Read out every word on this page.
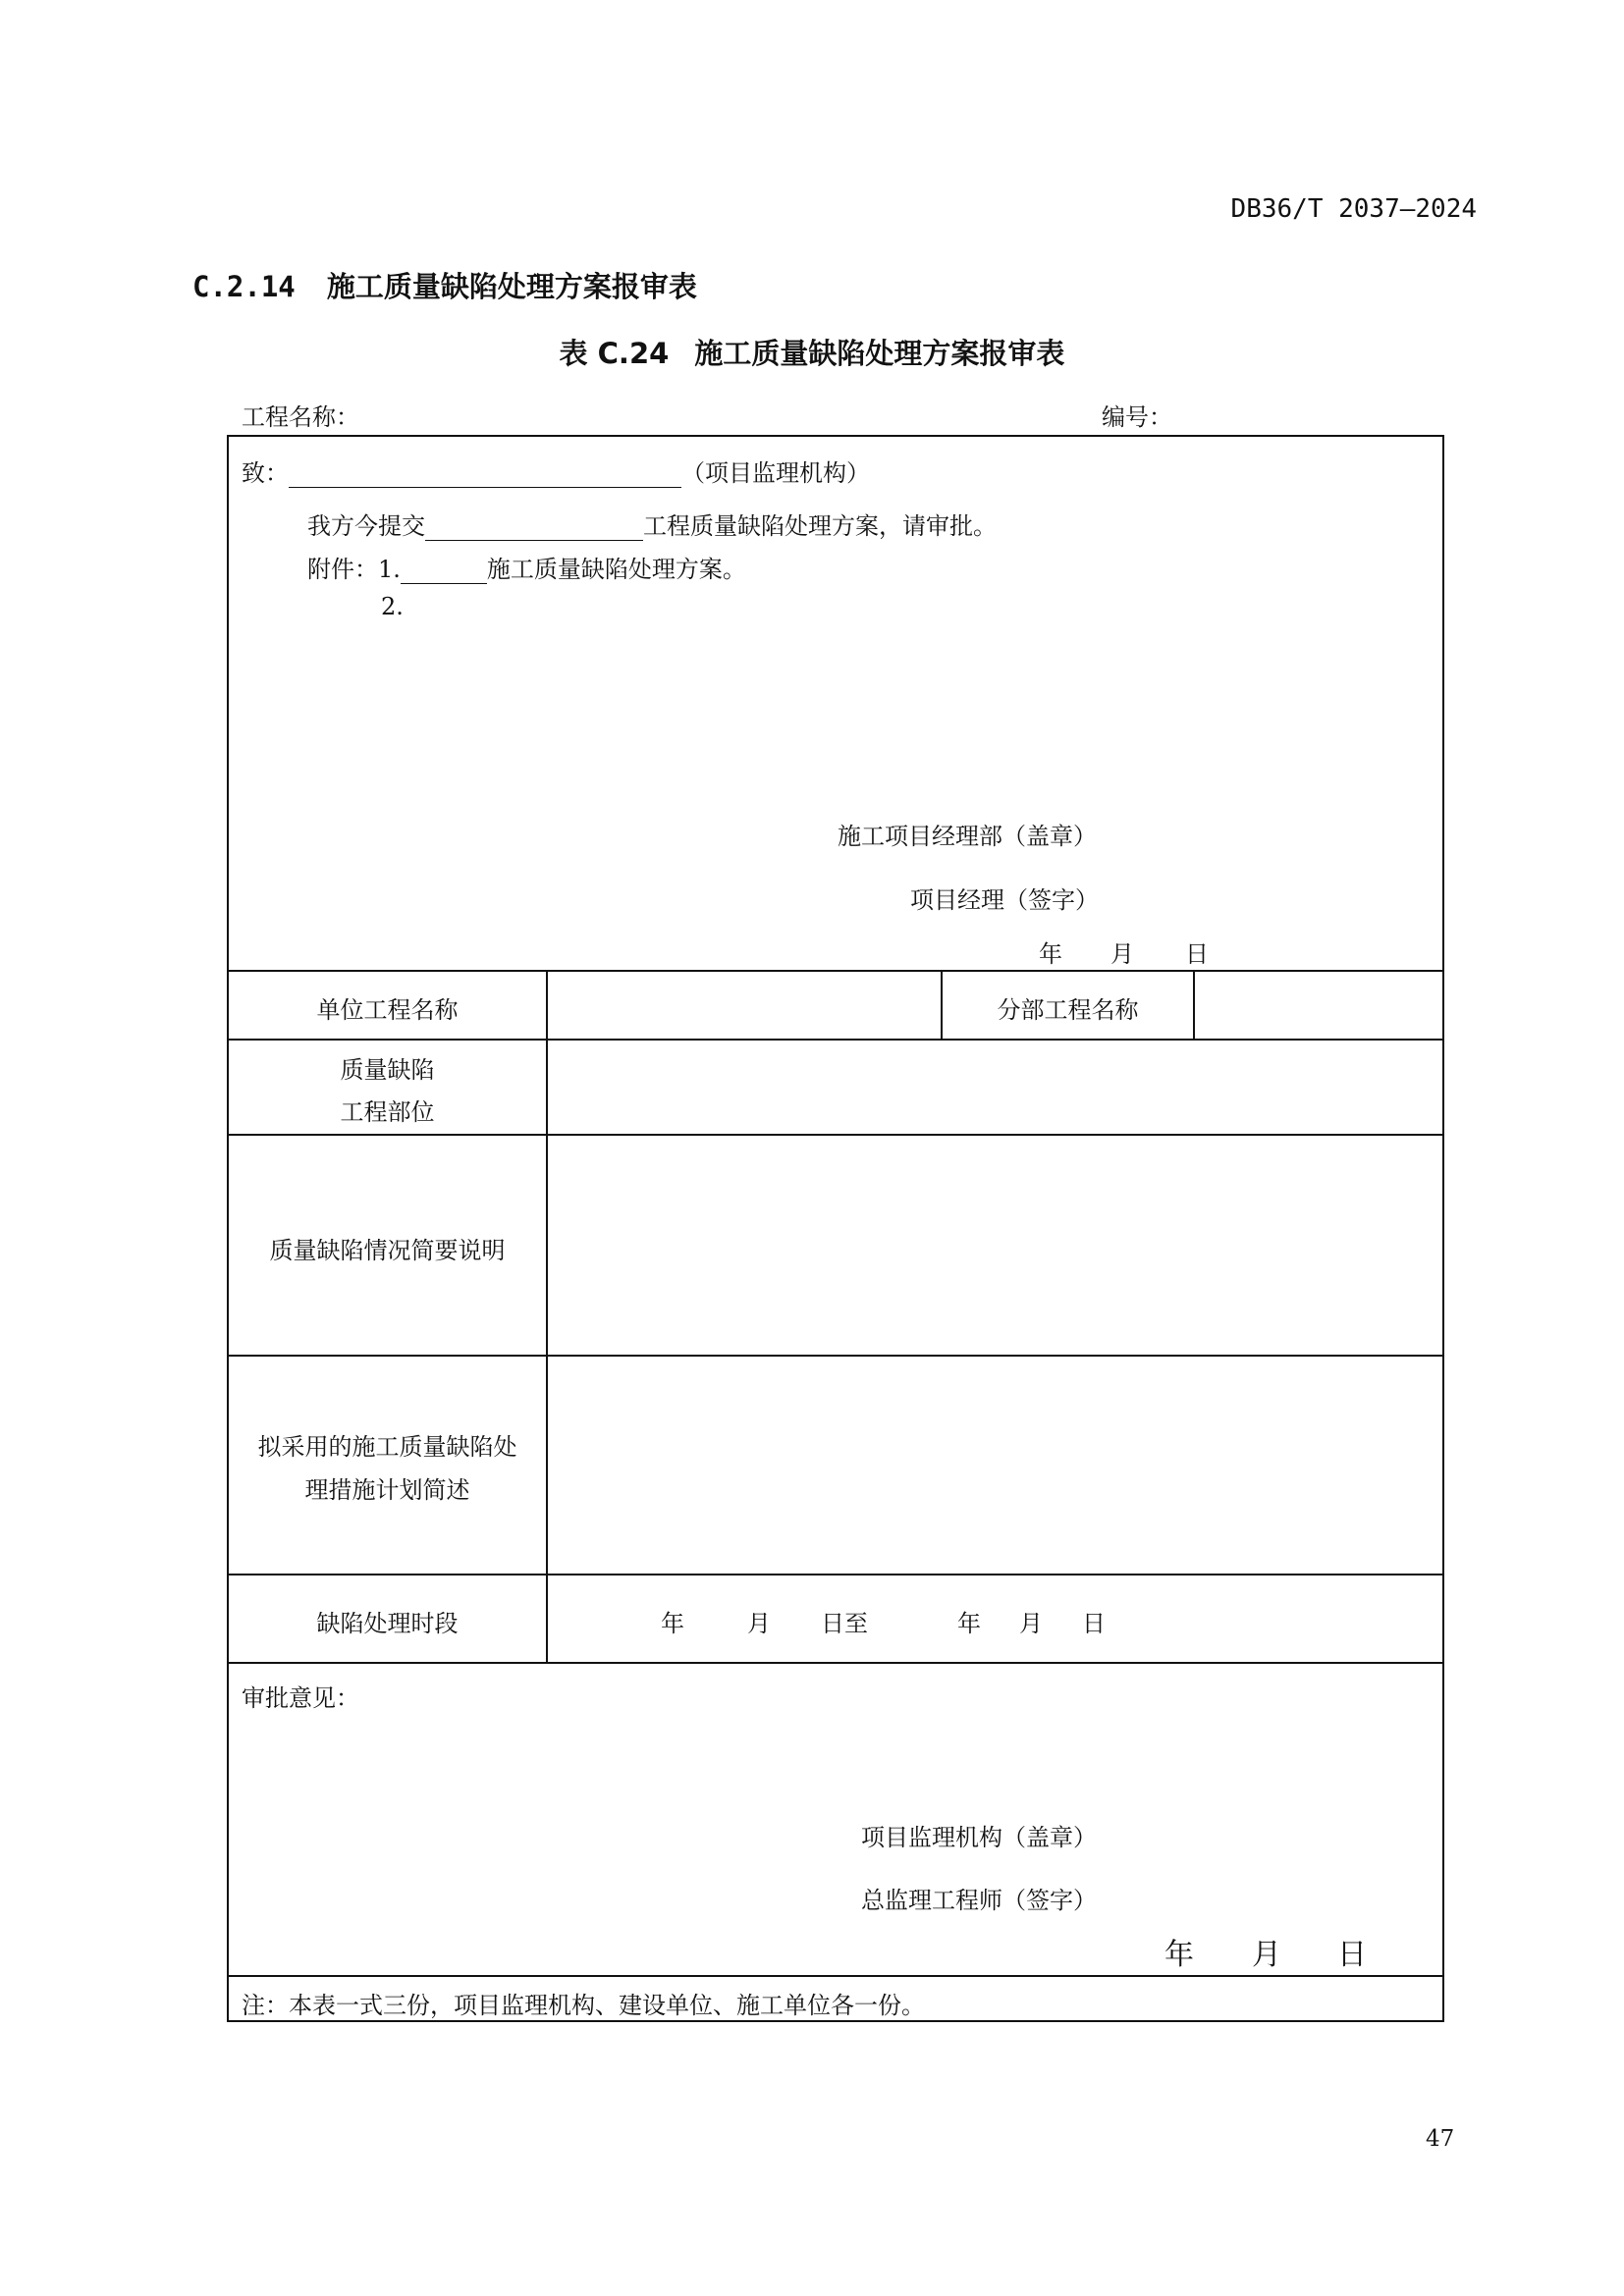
DB36/T 2037—2024
C.2.14 施工质量缺陷处理方案报审表
表 C.24 施工质量缺陷处理方案报审表
工程名称：	编号：
致：	（项目监理机构）
我方今提交	工程质量缺陷处理方案，请审批。
附件：1.	施工质量缺陷处理方案。
2.
施工项目经理部（盖章）
项目经理（签字）
年 月 日
单位工程名称	分部工程名称
质量缺陷
工程部位
质量缺陷情况简要说明
拟采用的施工质量缺陷处
理措施计划简述
缺陷处理时段	年	月 日至	年 月 日
审批意见：
项目监理机构（盖章）
总监理工程师（签字）
年 月 日
注：本表一式三份，项目监理机构、建设单位、施工单位各一份。
47
